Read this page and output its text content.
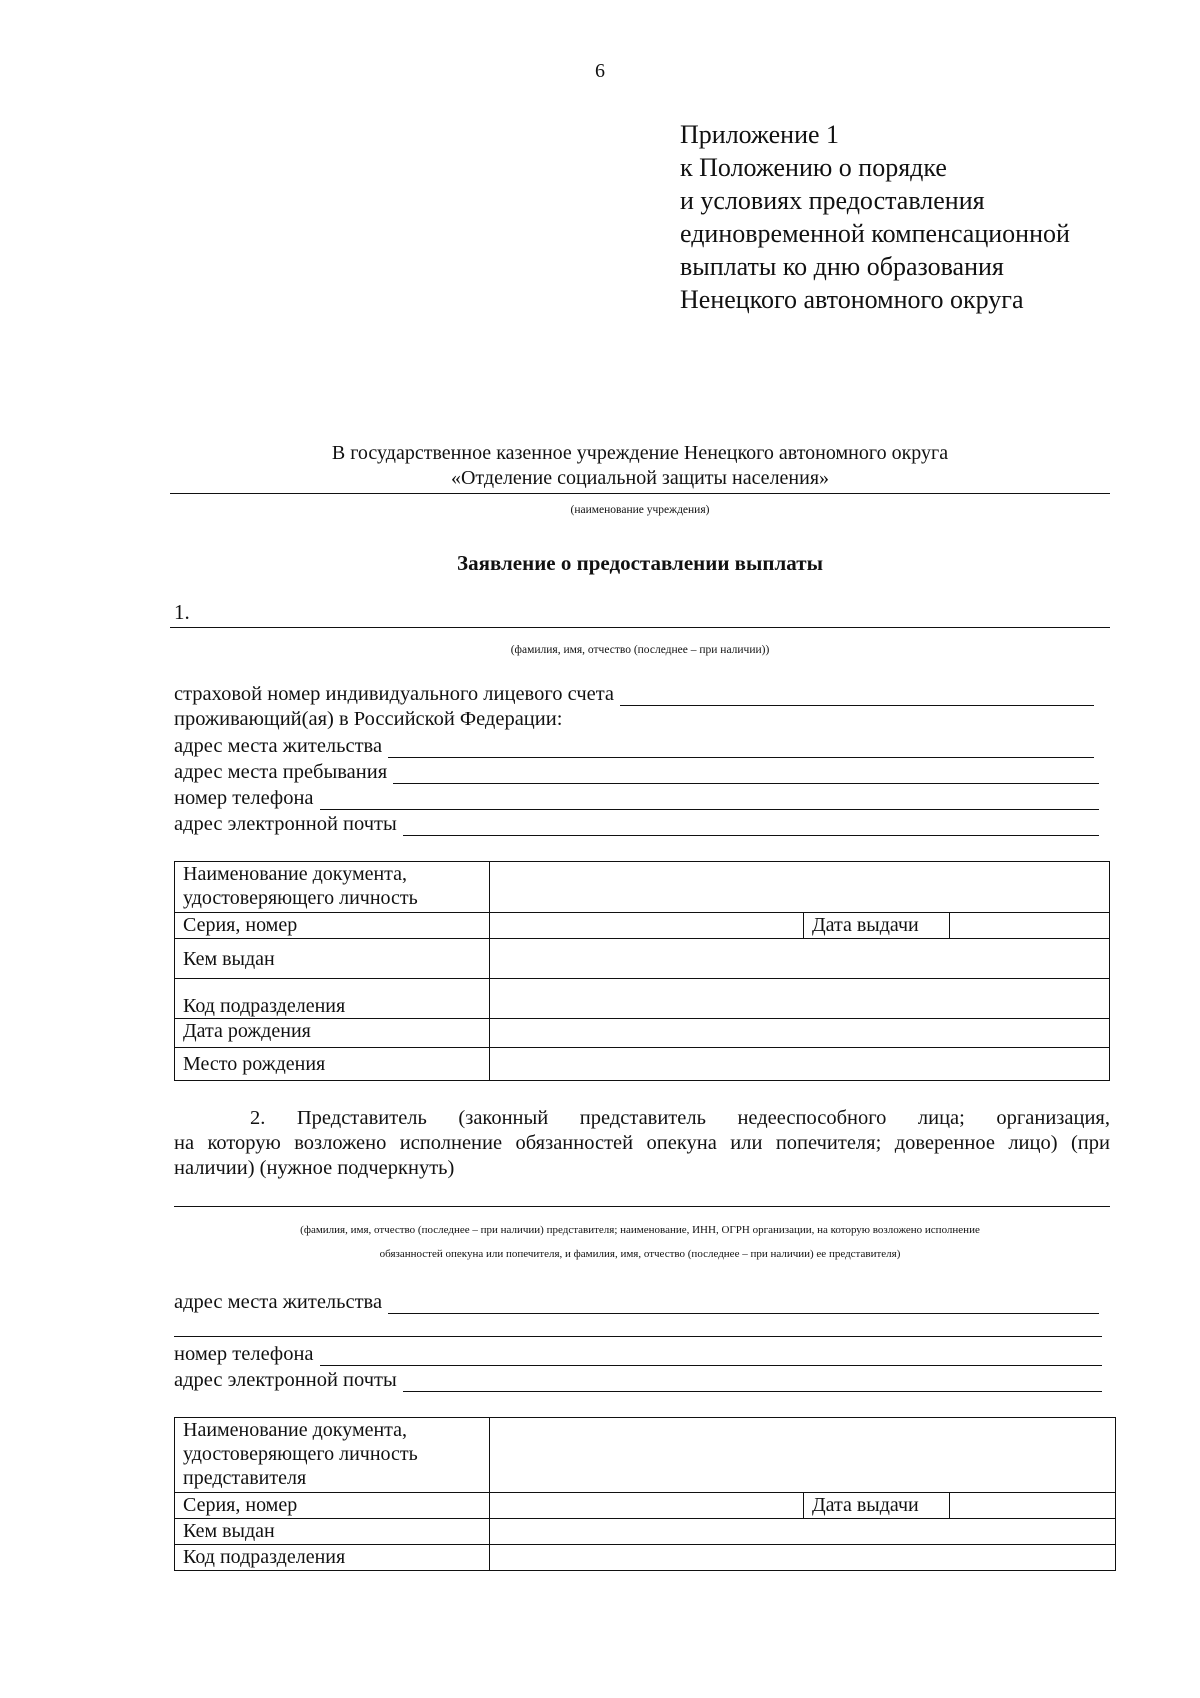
6
Приложение 1
к Положению о порядке
и условиях предоставления
единовременной компенсационной
выплаты ко дню образования
Ненецкого автономного округа
В государственное казенное учреждение Ненецкого автономного округа
«Отделение социальной защиты населения»
(наименование учреждения)
Заявление о предоставлении выплаты
1.
(фамилия, имя, отчество (последнее – при наличии))
страховой номер индивидуального лицевого счета
проживающий(ая) в Российской Федерации:
адрес места жительства
адрес места пребывания
номер телефона
адрес электронной почты
Наименование документа, удостоверяющего личность			
Серия, номер		Дата выдачи	
Кем выдан			
Код подразделения			
Дата рождения			
Место рождения			
2. Представитель (законный представитель недееспособного лица; организация,
на которую возложено исполнение обязанностей опекуна или попечителя; доверенное лицо) (при наличии) (нужное подчеркнуть)
(фамилия, имя, отчество (последнее – при наличии) представителя; наименование, ИНН, ОГРН организации, на которую возложено исполнение
обязанностей опекуна или попечителя, и фамилия, имя, отчество (последнее – при наличии) ее представителя)
адрес места жительства
номер телефона
адрес электронной почты
Наименование документа, удостоверяющего личность представителя			
Серия, номер		Дата выдачи	
Кем выдан			
Код подразделения			
